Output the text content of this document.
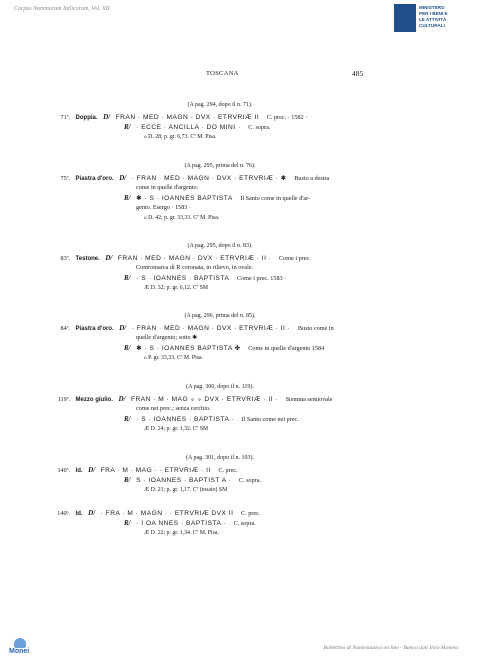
Corpus Nummorum Italicorum, Vol. XII	MINISTERO
PER I BENI E
LE ATTIVITÀ
CULTURALI
TOSCANA	485
(A pag. 294, dopo il n. 71).
71ª. Doppia. D/ FRAN · MED · MAGN · DVX · ETRVRIÆ II C. prec. · 1582 ·
R/ · ECCE · ANCILLA · DO MINI · C. sopra.
ℴ D. 28; p. gr. 6,73. Cª M. Pisa.
(A pag. 295, prima del n. 76).
75ª. Piastra d'oro. D/ · FRAN · MED · MAGN · DVX · ETRVRIÆ · ✱ Busto a destra
come in quelle d'argento.
R/ ✱ · S · IOANNES BAPTISTA Il Santo come in quelle d'ar-
gento. Esergo · 1583 ·
ℴ D. 42; p. gr. 33,33. Cª M. Pisa.
(A pag. 295, dopo il n. 83).
83ª. Testone. D/ FRAN · MED · MAGN · DVX · ETRVRIÆ · II · Come i prec.
Contromarca di R coronata, in rilievo, in ovale.
R/ · S · IOANNES · BAPTISTA Come i prec. 1583 ·
Æ D. 32; p. gr. 6,12. Cª SM
(A pag. 296, prima del n. 85).
84ª. Piastra d'oro. D/ · FRAN · MED · MAGN · DVX · ETRVRIÆ · II · Busto come in
quelle d'argento; sotto ✱
R/ ✱ · S · IOANNES BAPTISTA ✤ Come in quelle d'argento 1584
ℴ P. gr. 33,33. Cª M. Pisa.
(A pag. 300, dopo il n. 119).
119ª. Mezzo giulio. D/ FRAN · M · MAG ∘ ∘ DVX · ETRVRIÆ · II · Stemma semiovale
come nei prec.; senza cerchio.
R/ · S · IOANNES · BAPTISTA · Il Santo come nei prec.
Æ D. 24; p. gr. 1,32. Cª SM
(A pag. 301, dopo il n. 103).
140ª. Id. D/ FRA · M · MAG · · ETRVRIÆ · II C. prec.
R/ S · IOANNES · BAPTIST A · C. sopra.
Æ D. 21; p. gr. 1,17. Cª (tosato) SM
140ᵇ. Id. D/ · FRA · M · MAGN · · ETRVRIÆ DVX II C. prec.
R/ · I OA NNES · BAPTISTA · C. sopra.
Æ D. 22; p. gr. 1,34. Cª M. Pisa.
Monei	Bollettino di Numismatica on line - Banca dati Ilvio Moneta
